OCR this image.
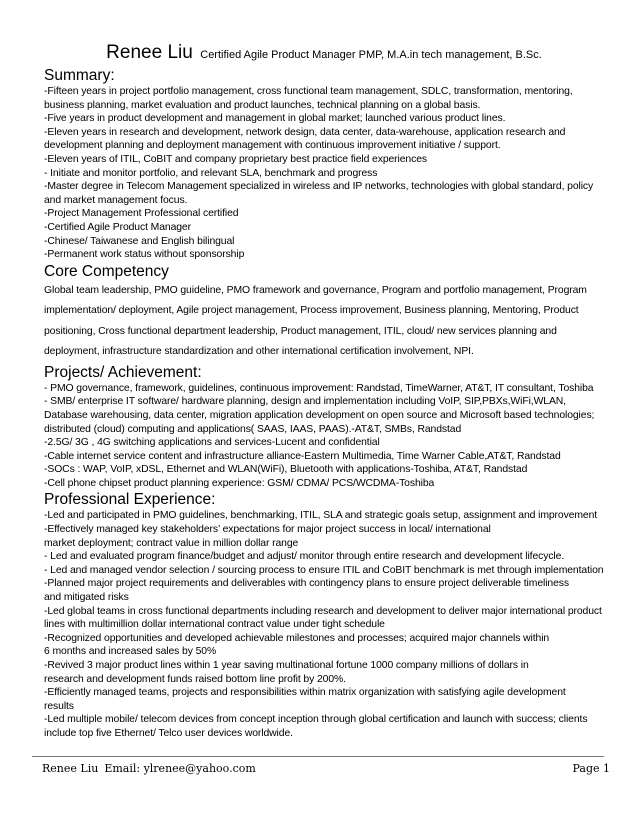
Renee Liu Certified Agile Product Manager PMP, M.A.in tech management, B.Sc.
Summary:
-Fifteen years in project portfolio management, cross functional team management, SDLC, transformation, mentoring,
business planning, market evaluation and product launches, technical planning on a global basis.
-Five years in product development and management in global market; launched various product lines.
-Eleven years in research and development, network design, data center, data-warehouse, application research and
development planning and deployment management with continuous improvement initiative / support.
-Eleven years of ITIL, CoBIT and company proprietary best practice field experiences
- Initiate and monitor portfolio, and relevant SLA, benchmark and progress
-Master degree in Telecom Management specialized in wireless and IP networks, technologies with global standard, policy
and market management focus.
-Project Management Professional certified
-Certified Agile Product Manager
-Chinese/ Taiwanese and English bilingual
-Permanent work status without sponsorship
Core Competency
Global team leadership, PMO guideline, PMO framework and governance, Program and portfolio management, Program
implementation/ deployment, Agile project management, Process improvement, Business planning, Mentoring, Product
positioning, Cross functional department leadership, Product management, ITIL, cloud/ new services planning and
deployment, infrastructure standardization and other international certification involvement, NPI.
Projects/ Achievement:
- PMO governance, framework, guidelines, continuous improvement: Randstad, TimeWarner, AT&T, IT consultant, Toshiba
- SMB/ enterprise IT software/ hardware planning, design and implementation including VoIP, SIP,PBXs,WiFi,WLAN,
Database warehousing, data center, migration application development on open source and Microsoft based technologies;
distributed (cloud) computing and applications( SAAS, IAAS, PAAS).-AT&T, SMBs, Randstad
-2.5G/ 3G , 4G switching applications and services-Lucent and confidential
-Cable internet service content and infrastructure alliance-Eastern Multimedia, Time Warner Cable,AT&T, Randstad
-SOCs : WAP, VoIP, xDSL, Ethernet and WLAN(WiFi), Bluetooth with applications-Toshiba, AT&T, Randstad
-Cell phone chipset product planning experience: GSM/ CDMA/ PCS/WCDMA-Toshiba
Professional Experience:
-Led and participated in PMO guidelines, benchmarking, ITIL, SLA and strategic goals setup, assignment and improvement
-Effectively managed key stakeholders’ expectations for major project success in local/ international
market deployment; contract value in million dollar range
- Led and evaluated program finance/budget and adjust/ monitor through entire research and development lifecycle.
- Led and managed vendor selection / sourcing process to ensure ITIL and CoBIT benchmark is met through implementation
-Planned major project requirements and deliverables with contingency plans to ensure project deliverable timeliness
and mitigated risks
-Led global teams in cross functional departments including research and development to deliver major international product
lines with multimillion dollar international contract value under tight schedule
-Recognized opportunities and developed achievable milestones and processes; acquired major channels within
6 months and increased sales by 50%
-Revived 3 major product lines within 1 year saving multinational fortune 1000 company millions of dollars in
research and development funds raised bottom line profit by 200%.
-Efficiently managed teams, projects and responsibilities within matrix organization with satisfying agile development
results
-Led multiple mobile/ telecom devices from concept inception through global certification and launch with success; clients
include top five Ethernet/ Telco user devices worldwide.
Renee Liu Email: ylrenee@yahoo.com	Page 1
